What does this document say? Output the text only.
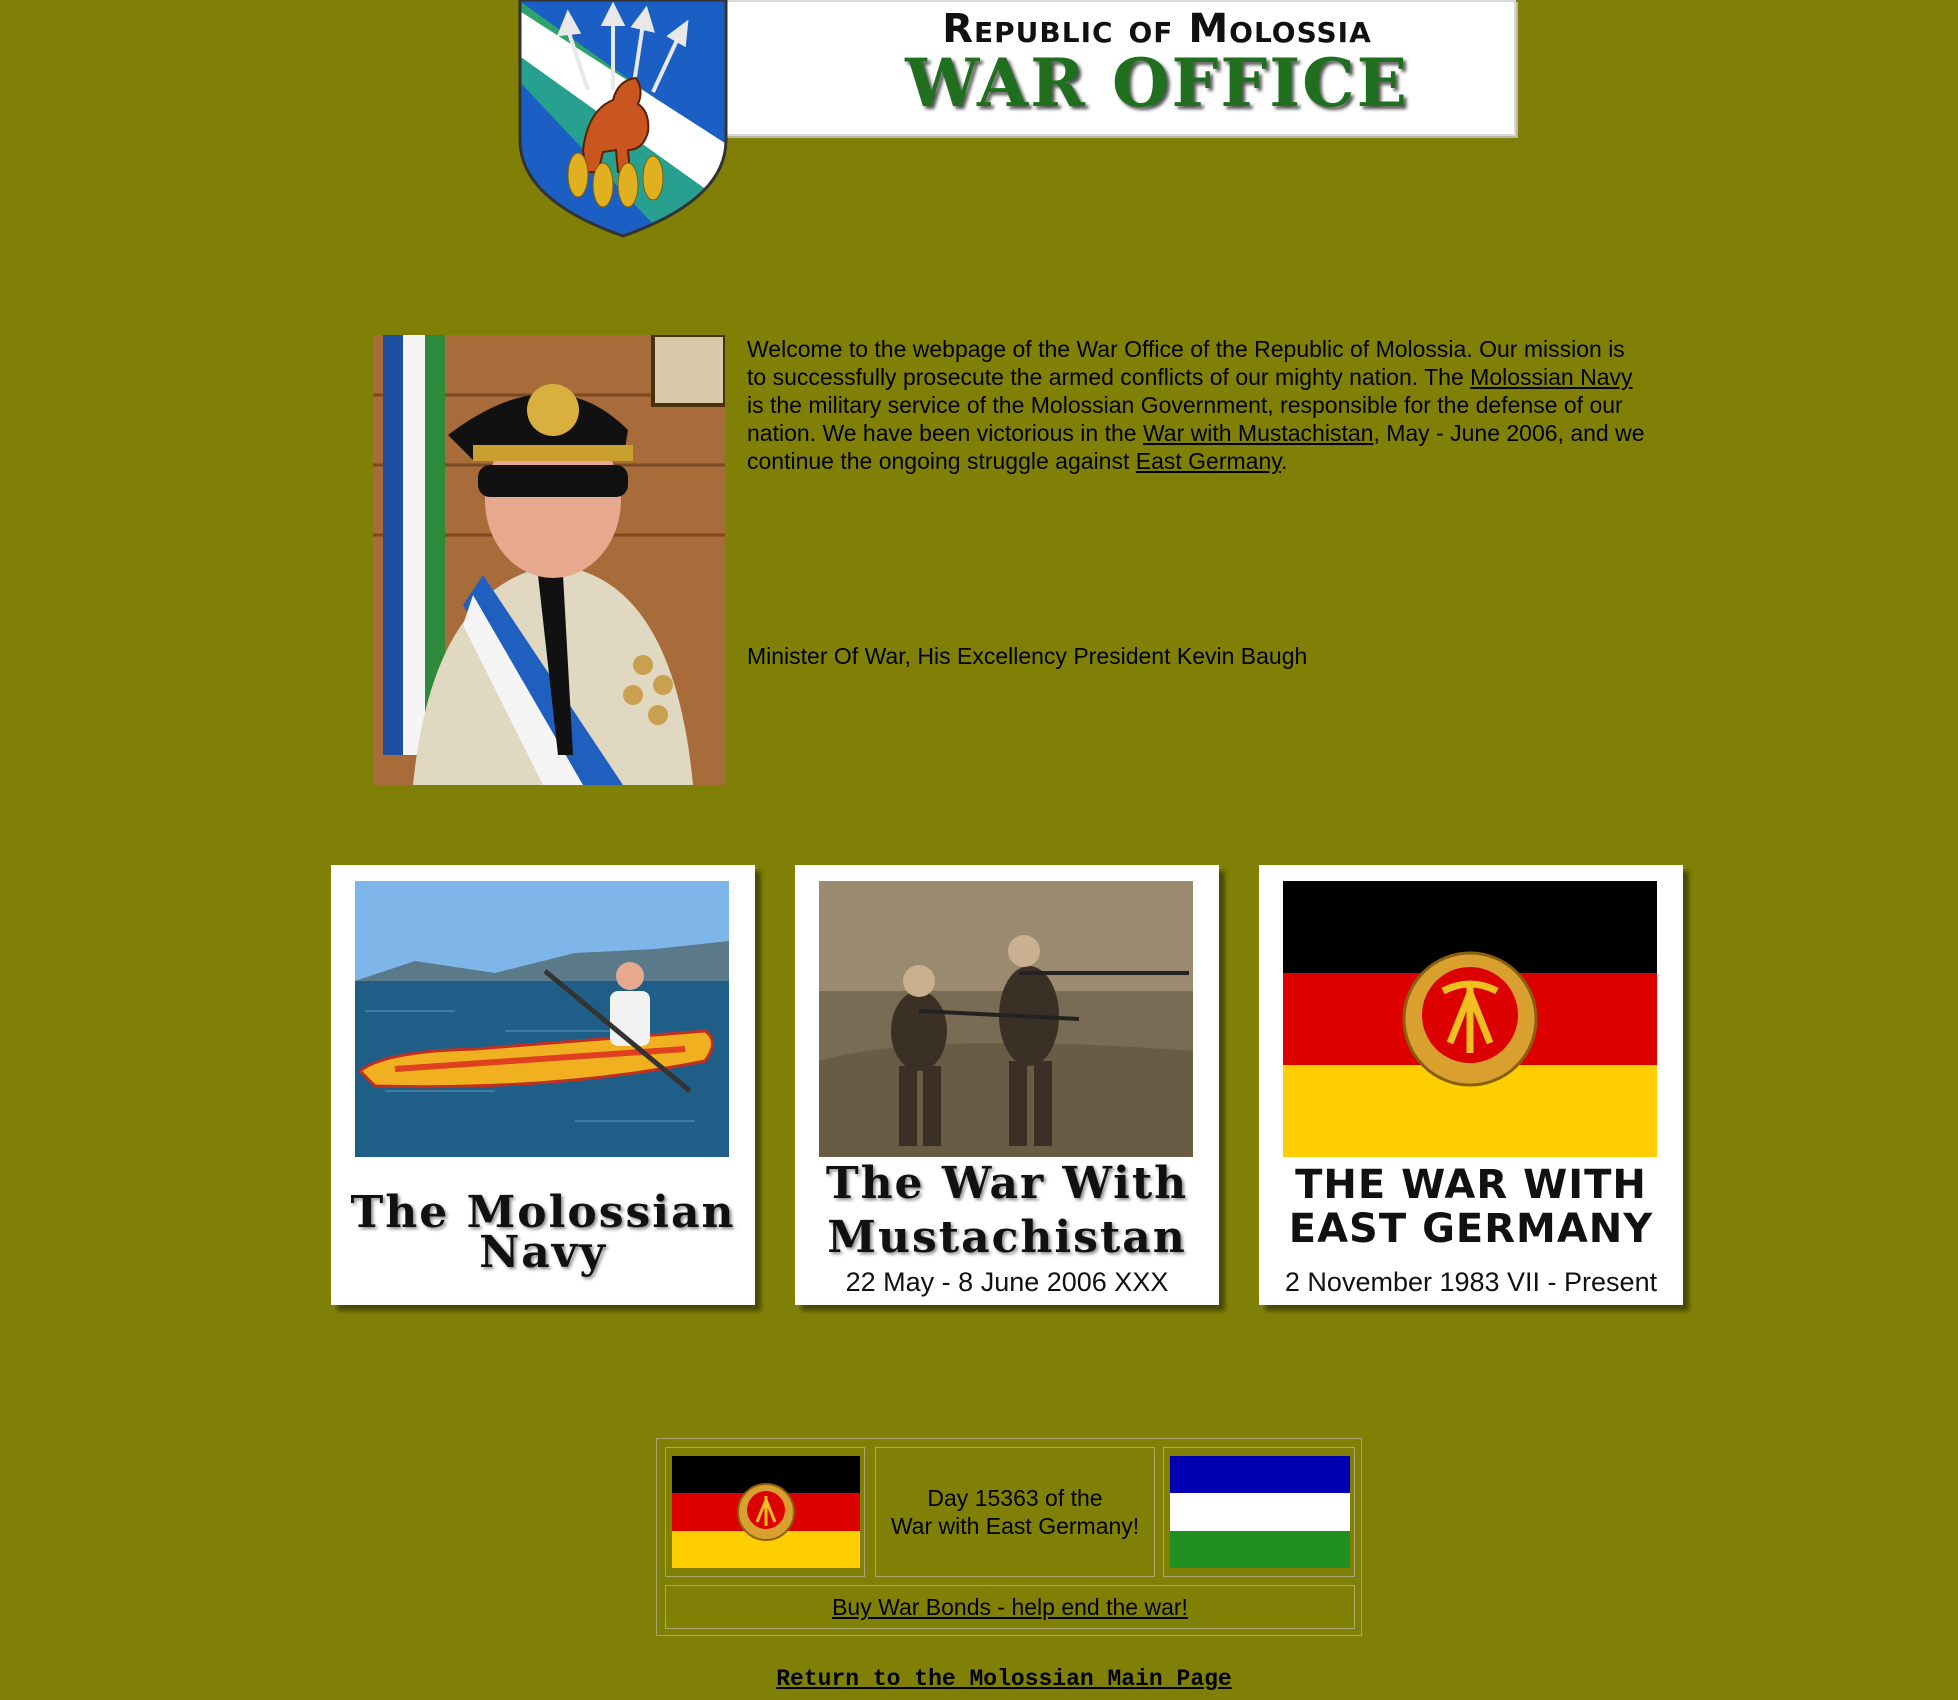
Republic of Molossia
WAR OFFICE
Welcome to the webpage of the War Office of the Republic of Molossia. Our mission is to successfully prosecute the armed conflicts of our mighty nation. The Molossian Navy is the military service of the Molossian Government, responsible for the defense of our nation. We have been victorious in the War with Mustachistan, May - June 2006, and we continue the ongoing struggle against East Germany.
Minister Of War, His Excellency President Kevin Baugh
The Molossian Navy
The War With
Mustachistan
22 May - 8 June 2006 XXX
THE WAR WITH
EAST GERMANY
2 November 1983 VII - Present
Day 15363 of the
War with East Germany!
Buy War Bonds - help end the war!
Return to the Molossian Main Page
